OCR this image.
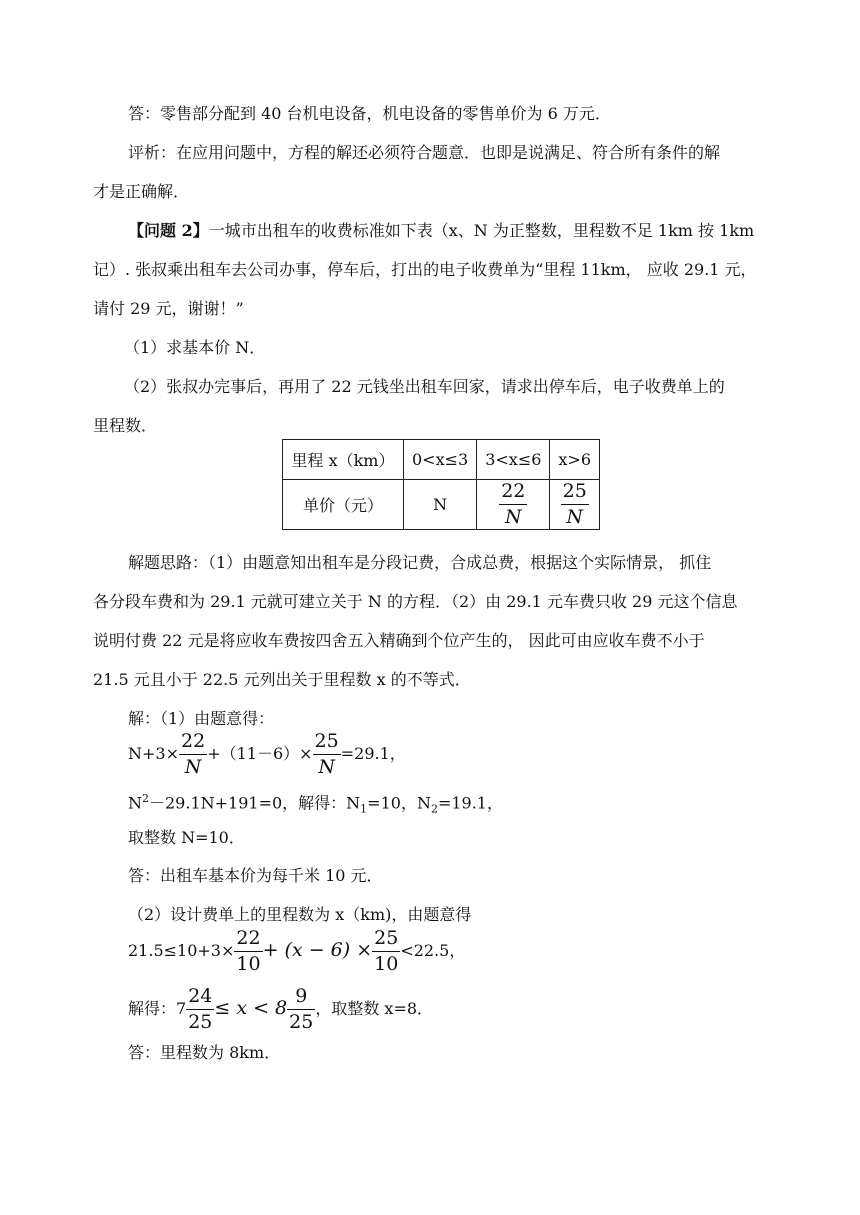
答：零售部分配到 40 台机电设备，机电设备的零售单价为 6 万元．
评析：在应用问题中，方程的解还必须符合题意．也即是说满足、符合所有条件的解
才是正确解．
【问题 2】一城市出租车的收费标准如下表（x、N 为正整数，里程数不足 1km 按 1km
记）. 张叔乘出租车去公司办事，停车后，打出的电子收费单为“里程 11km， 应收 29.1 元，
请付 29 元，谢谢！”
（1）求基本价 N．
（2）张叔办完事后，再用了 22 元钱坐出租车回家，请求出停车后，电子收费单上的
里程数．
里程 x（km）	0<x≤3	3<x≤6	x>6
单价（元）	N	$\frac{22}{N}$	$\frac{25}{N}$
解题思路：（1）由题意知出租车是分段记费，合成总费，根据这个实际情景， 抓住
各分段车费和为 29.1 元就可建立关于 N 的方程．（2）由 29.1 元车费只收 29 元这个信息
说明付费 22 元是将应收车费按四舍五入精确到个位产生的， 因此可由应收车费不小于
21.5 元且小于 22.5 元列出关于里程数 x 的不等式．
解：（1）由题意得：
$N+3\times \frac{22}{N} +(11-6)\times \frac{25}{N} =29.1$，
$N^2-29.1N+191=0$，解得：$N_1=10$，$N_2=19.1$，
取整数 N=10．
答：出租车基本价为每千米 10 元．
（2）设计费单上的里程数为 x（km)，由题意得
$21.5\le 10+3\times \frac{22}{10} + (x - 6) \times \frac{25}{10} <22.5$，
解得：$7 \frac{24}{25} \le x < 8 \frac{9}{25}$ ，取整数 x=8．
答：里程数为 8km．
